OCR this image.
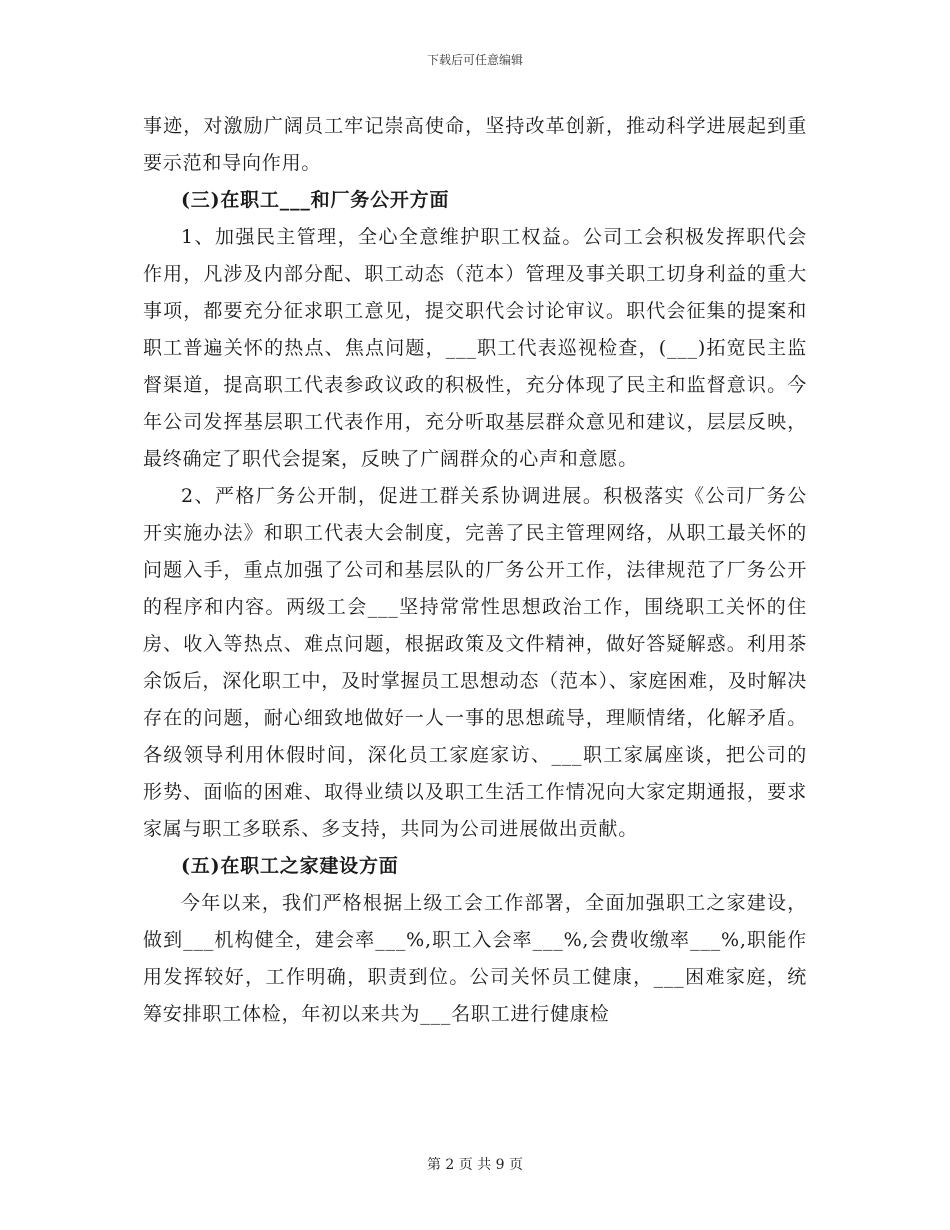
下载后可任意编辑

事迹，对激励广阔员工牢记崇高使命，坚持改革创新，推动科学进展起到重要示范和导向作用。

(三)在职工___和厂务公开方面

1、加强民主管理，全心全意维护职工权益。公司工会积极发挥职代会作用，凡涉及内部分配、职工动态（范本）管理及事关职工切身利益的重大事项，都要充分征求职工意见，提交职代会讨论审议。职代会征集的提案和职工普遍关怀的热点、焦点问题，___职工代表巡视检查，(___)拓宽民主监督渠道，提高职工代表参政议政的积极性，充分体现了民主和监督意识。今年公司发挥基层职工代表作用，充分听取基层群众意见和建议，层层反映，最终确定了职代会提案，反映了广阔群众的心声和意愿。

2、严格厂务公开制，促进工群关系协调进展。积极落实《公司厂务公开实施办法》和职工代表大会制度，完善了民主管理网络，从职工最关怀的问题入手，重点加强了公司和基层队的厂务公开工作，法律规范了厂务公开的程序和内容。两级工会___坚持常常性思想政治工作，围绕职工关怀的住房、收入等热点、难点问题，根据政策及文件精神，做好答疑解惑。利用茶余饭后，深化职工中，及时掌握员工思想动态（范本）、家庭困难，及时解决存在的问题，耐心细致地做好一人一事的思想疏导，理顺情绪，化解矛盾。各级领导利用休假时间，深化员工家庭家访、___职工家属座谈，把公司的形势、面临的困难、取得业绩以及职工生活工作情况向大家定期通报，要求家属与职工多联系、多支持，共同为公司进展做出贡献。

(五)在职工之家建设方面

今年以来，我们严格根据上级工会工作部署，全面加强职工之家建设，做到___机构健全，建会率___%,职工入会率___%,会费收缴率___%,职能作用发挥较好，工作明确，职责到位。公司关怀员工健康，___困难家庭，统筹安排职工体检，年初以来共为___名职工进行健康检

第 2 页 共 9 页
